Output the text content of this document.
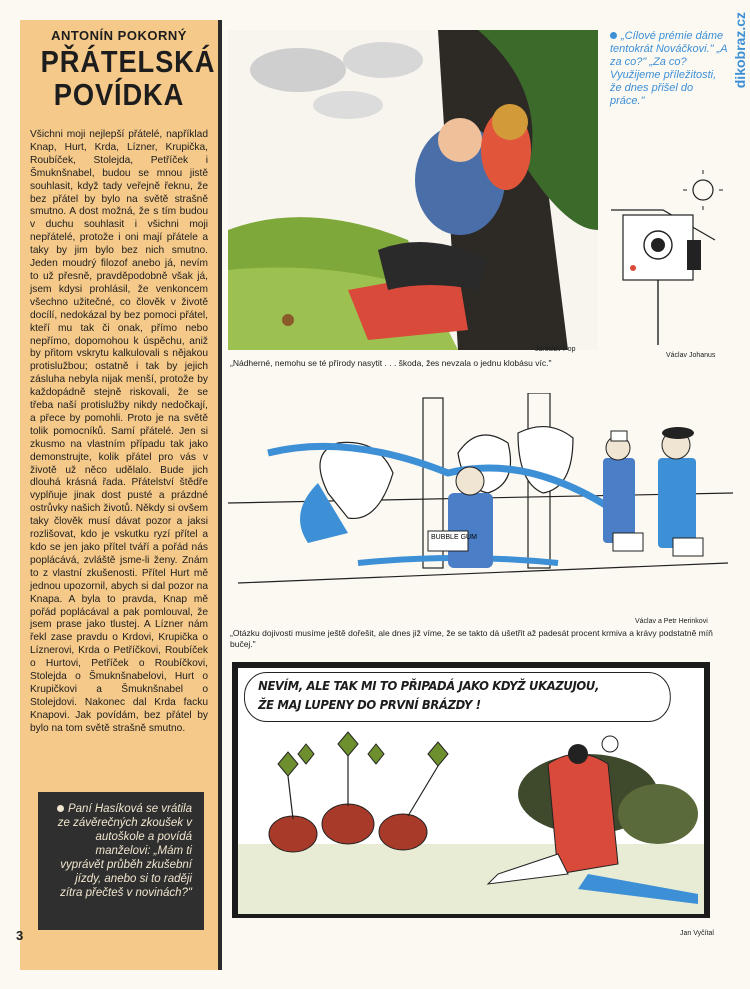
ANTONÍN POKORNÝ
PŘÁTELSKÁ
POVÍDKA

Všichni moji nejlepší přátelé, například Knap, Hurt, Krda, Lízner, Krupička, Roubíček, Stolejda, Petříček i Šmuknšnabel, budou se mnou jistě souhlasit, když tady veřejně řeknu, že bez přátel by bylo na světě strašně smutno. A dost možná, že s tím budou v duchu souhlasit i všichni moji nepřátelé, protože i oni mají přátele a taky by jim bylo bez nich smutno. Jeden moudrý filozof anebo já, nevím to už přesně, pravděpodobně však já, jsem kdysi prohlásil, že venkoncem všechno užitečné, co člověk v životě docílí, nedokázal by bez pomoci přátel, kteří mu tak či onak, přímo nebo nepřímo, dopomohou k úspěchu, aniž by přitom vskrytu kalkulovali s nějakou protislužbou; ostatně i tak by jejich zásluha nebyla nijak menší, protože by každopádně stejně riskovali, že se třeba naší protislužby nikdy nedočkají, a přece by pomohli. Proto je na světě tolik pomocníků. Samí přátelé. Jen si zkusmo na vlastním případu tak jako demonstrujte, kolik přátel pro vás v životě už něco udělalo. Bude jich dlouhá krásná řada. Přátelství štědře vyplňuje jinak dost pusté a prázdné ostrůvky našich životů. Někdy si ovšem taky člověk musí dávat pozor a jaksi rozlišovat, kdo je vskutku ryzí přítel a kdo se jen jako přítel tváří a pořád nás poplácává, zvláště jsme-li ženy. Znám to z vlastní zkušenosti. Přítel Hurt mě jednou upozornil, abych si dal pozor na Knapa. A byla to pravda, Knap mě pořád poplácával a pak pomlouval, že jsem prase jako tlustej. A Lízner nám řekl zase pravdu o Krdovi, Krupička o Líznerovi, Krda o Petříčkovi, Roubíček o Hurtovi, Petříček o Roubíčkovi, Stolejda o Šmuknšnabelovi, Hurt o Krupičkovi a Šmuknšnabel o Stolejdovi. Nakonec dal Krda facku Knapovi. Jak povídám, bez přátel by bylo na tom světě strašně smutno.

Paní Hasíková se vrátila ze závěrečných zkoušek v autoškole a povídá manželovi: „Mám ti vyprávět průběh zkušební jízdy, anebo si to raději zítra přečteš v novinách?"
3
dikobraz.cz
Jaroslav Pop
„Nádherné, nemohu se té přírody nasytit . . . škoda, žes nevzala o jednu klobásu víc."
„Cílové prémie dáme tentokrát Nováčkovi." „A za co?" „Za co? Využijeme příležitosti, že dnes přišel do práce."
Václav Johanus
BUBBLE GUM
Václav a Petr Herinkovi
„Otázku dojivosti musíme ještě dořešit, ale dnes již víme, že se takto dá ušetřit až padesát procent krmiva a krávy podstatně míň bučej."
NEVÍM, ALE TAK MI TO PŘIPADÁ JAKO KDYŽ UKAZUJOU,
ŽE MAJ LUPENY DO PRVNÍ BRÁZDY !
Jan Vyčítal
